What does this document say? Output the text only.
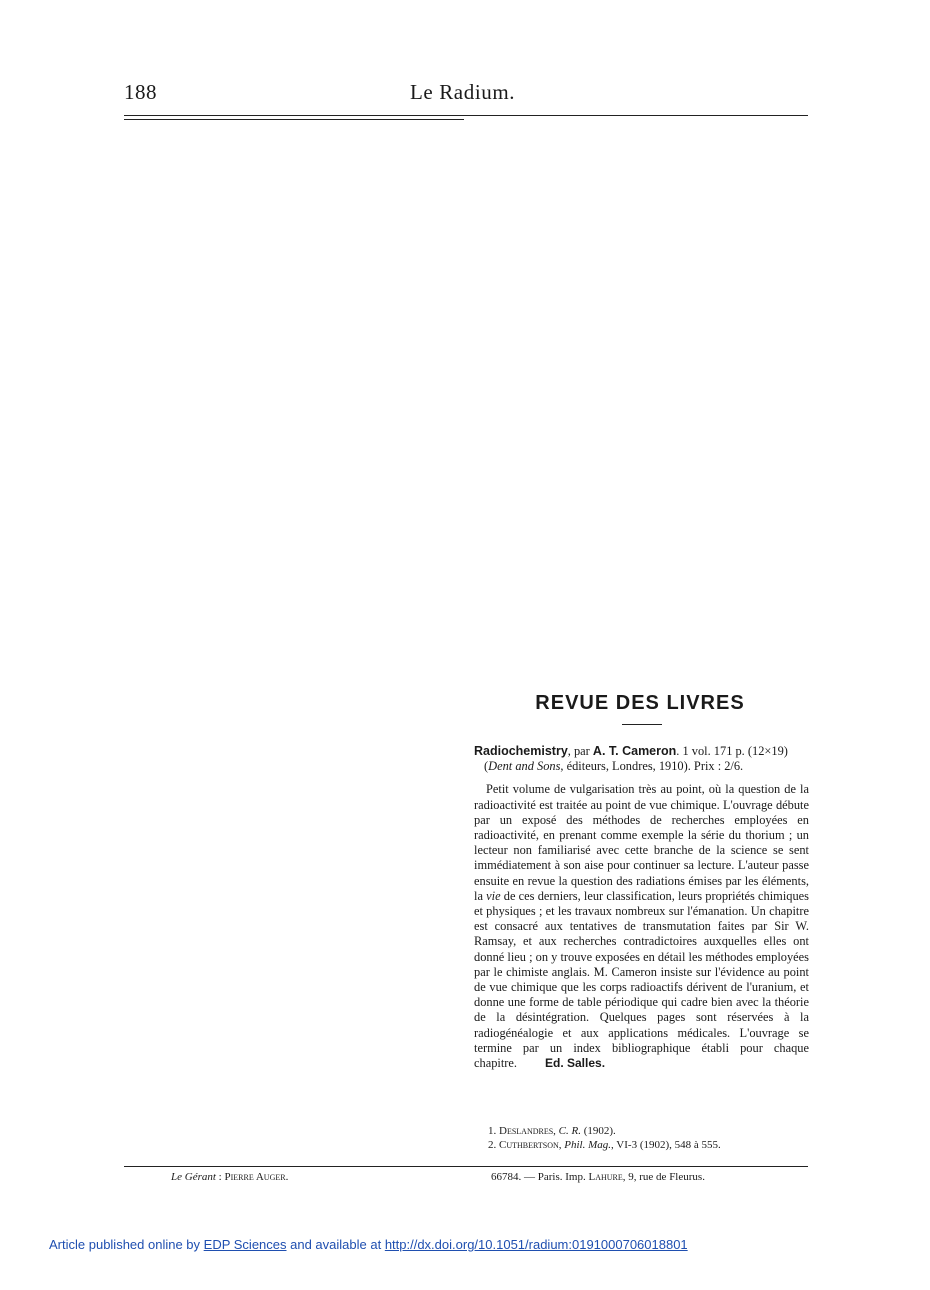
188	Le Radium.
REVUE DES LIVRES

Radiochemistry, par A. T. Cameron. 1 vol. 171 p. (12×19) (Dent and Sons, éditeurs, Londres, 1910). Prix : 2/6.

Petit volume de vulgarisation très au point, où la question de la radioactivité est traitée au point de vue chimique. L'ouvrage débute par un exposé des méthodes de recherches employées en radioactivité, en prenant comme exemple la série du thorium ; un lecteur non familiarisé avec cette branche de la science se sent immédiatement à son aise pour continuer sa lecture. L'auteur passe ensuite en revue la question des radiations émises par les éléments, la vie de ces derniers, leur classification, leurs propriétés chimiques et physiques ; et les travaux nombreux sur l'émanation. Un chapitre est consacré aux tentatives de transmutation faites par Sir W. Ramsay, et aux recherches contradictoires auxquelles elles ont donné lieu ; on y trouve exposées en détail les méthodes employées par le chimiste anglais. M. Cameron insiste sur l'évidence au point de vue chimique que les corps radioactifs dérivent de l'uranium, et donne une forme de table périodique qui cadre bien avec la théorie de la désintégration. Quelques pages sont réservées à la radiogénéalogie et aux applications médicales. L'ouvrage se termine par un index bibliographique établi pour chaque chapitre. Ed. Salles.

1. Deslandres, C. R. (1902).
2. Cuthbertson, Phil. Mag., VI-3 (1902), 548 à 555.
Le Gérant : Pierre Auger.	66784. — Paris. Imp. Lahure, 9, rue de Fleurus.
Article published online by EDP Sciences and available at http://dx.doi.org/10.1051/radium:0191000706018801
